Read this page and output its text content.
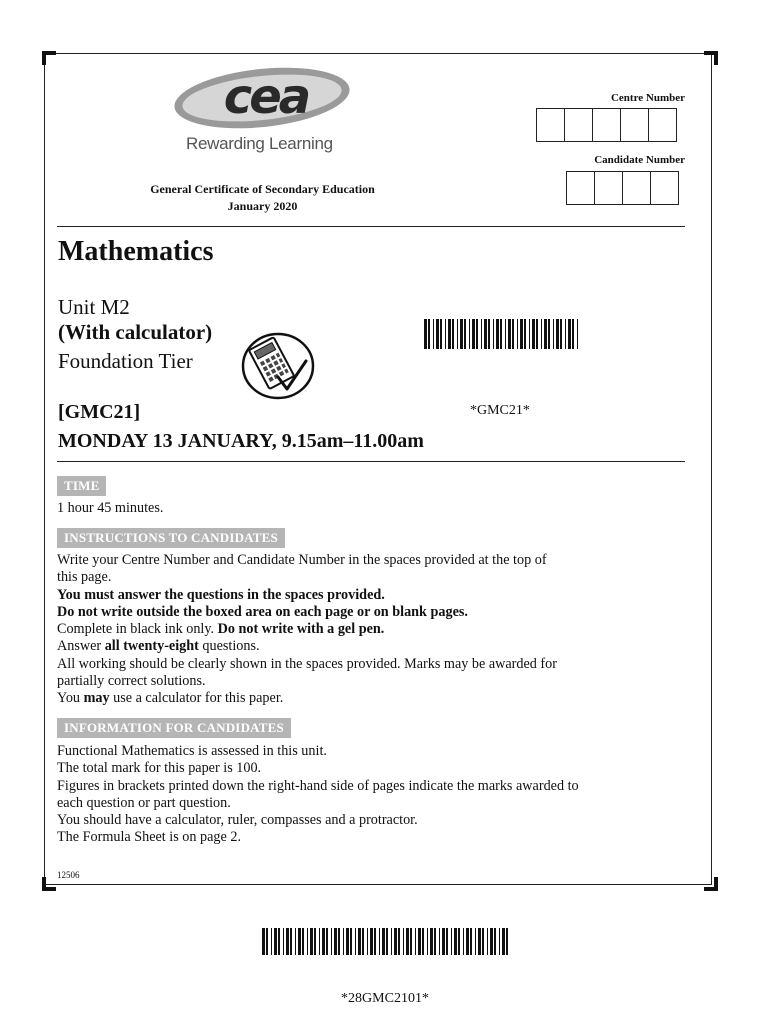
cea
Rewarding Learning
Centre Number
Candidate Number
General Certificate of Secondary Education
January 2020
Mathematics
Unit M2
(With calculator)
Foundation Tier
[GMC21]	*GMC21*
MONDAY 13 JANUARY, 9.15am–11.00am
TIME
1 hour 45 minutes.
INSTRUCTIONS TO CANDIDATES
Write your Centre Number and Candidate Number in the spaces provided at the top of
this page.
You must answer the questions in the spaces provided.
Do not write outside the boxed area on each page or on blank pages.
Complete in black ink only. Do not write with a gel pen.
Answer all twenty-eight questions.
All working should be clearly shown in the spaces provided. Marks may be awarded for
partially correct solutions.
You may use a calculator for this paper.
INFORMATION FOR CANDIDATES
Functional Mathematics is assessed in this unit.
The total mark for this paper is 100.
Figures in brackets printed down the right-hand side of pages indicate the marks awarded to
each question or part question.
You should have a calculator, ruler, compasses and a protractor.
The Formula Sheet is on page 2.
12506
*28GMC2101*
